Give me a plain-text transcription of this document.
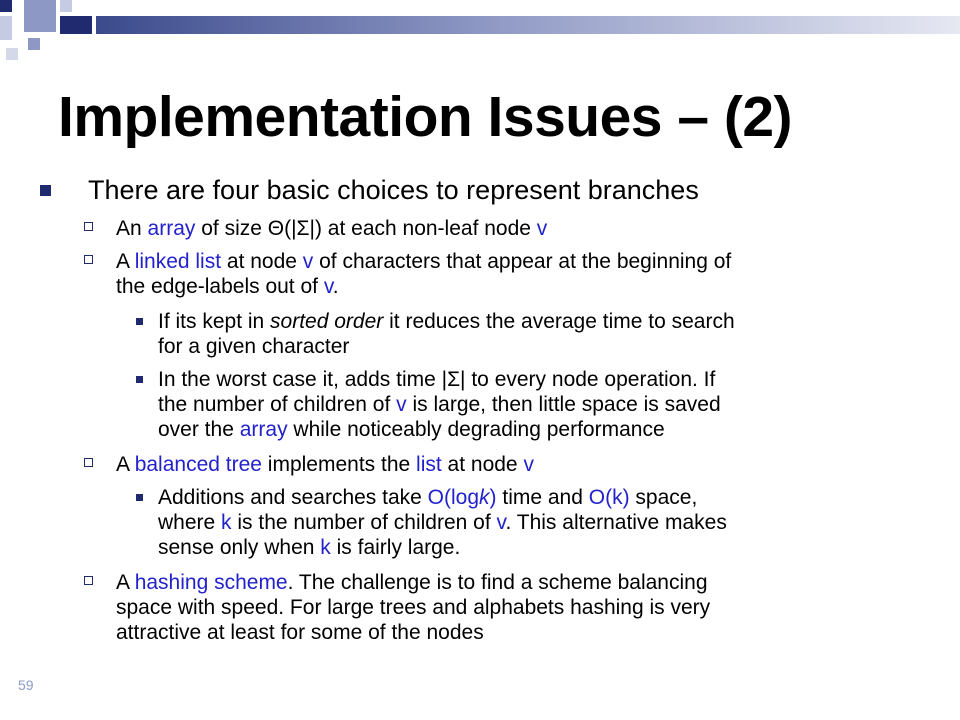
Implementation Issues – (2)
There are four basic choices to represent branches
An array of size Θ(|Σ|) at each non-leaf node v
A linked list at node v of characters that appear at the beginning of
the edge-labels out of v.
If its kept in sorted order it reduces the average time to search
for a given character
In the worst case it, adds time |Σ| to every node operation. If
the number of children of v is large, then little space is saved
over the array while noticeably degrading performance
A balanced tree implements the list at node v
Additions and searches take O(logk) time and O(k) space,
where k is the number of children of v. This alternative makes
sense only when k is fairly large.
A hashing scheme. The challenge is to find a scheme balancing
space with speed. For large trees and alphabets hashing is very
attractive at least for some of the nodes
59
